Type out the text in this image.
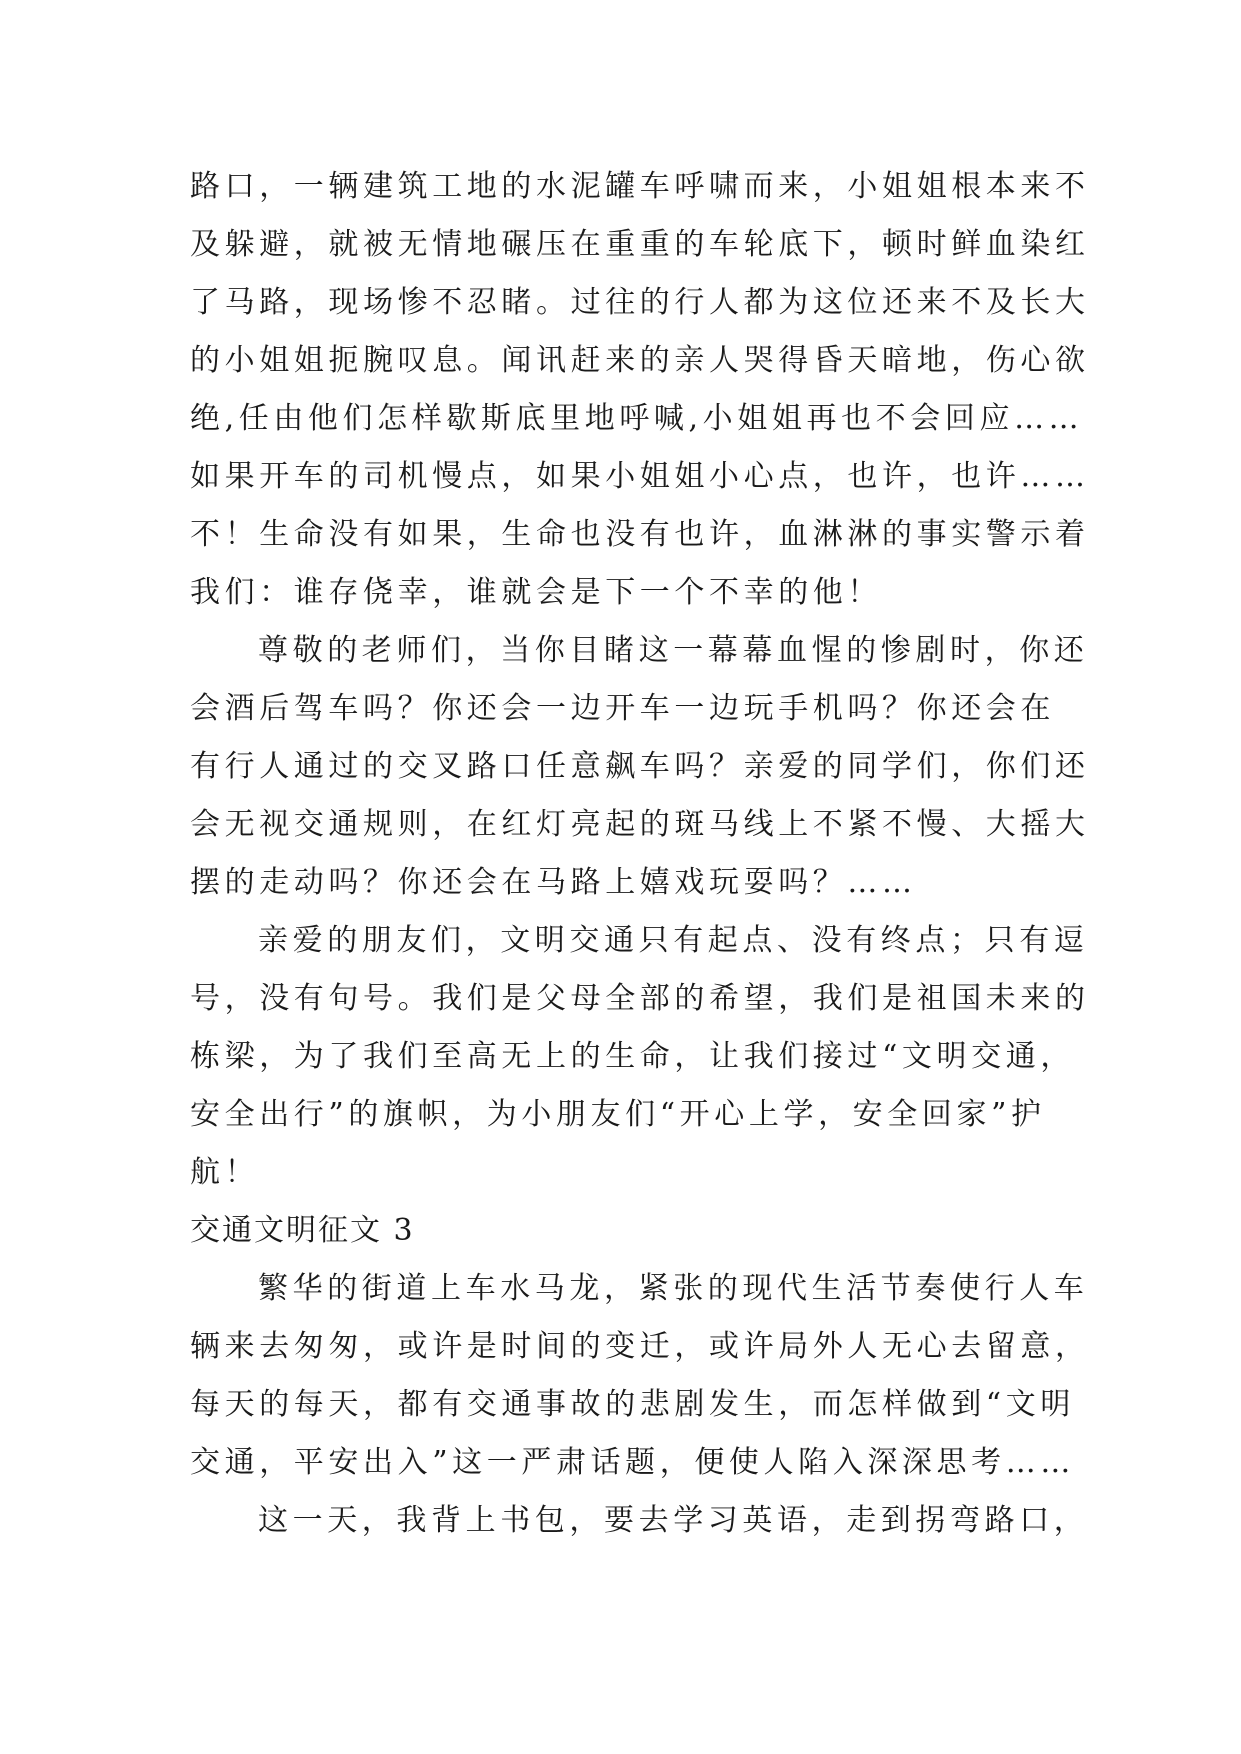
路口，一辆建筑工地的水泥罐车呼啸而来，小姐姐根本来不
及躲避，就被无情地碾压在重重的车轮底下，顿时鲜血染红
了马路，现场惨不忍睹。过往的行人都为这位还来不及长大
的小姐姐扼腕叹息。闻讯赶来的亲人哭得昏天暗地，伤心欲
绝,任由他们怎样歇斯底里地呼喊,小姐姐再也不会回应……
如果开车的司机慢点，如果小姐姐小心点，也许，也许……
不！生命没有如果，生命也没有也许，血淋淋的事实警示着
我们：谁存侥幸，谁就会是下一个不幸的他！
尊敬的老师们，当你目睹这一幕幕血惺的惨剧时，你还
会酒后驾车吗？你还会一边开车一边玩手机吗？你还会在
有行人通过的交叉路口任意飙车吗？亲爱的同学们，你们还
会无视交通规则，在红灯亮起的斑马线上不紧不慢、大摇大
摆的走动吗？你还会在马路上嬉戏玩耍吗？……
亲爱的朋友们，文明交通只有起点、没有终点；只有逗
号，没有句号。我们是父母全部的希望，我们是祖国未来的
栋梁，为了我们至高无上的生命，让我们接过“文明交通，
安全出行”的旗帜，为小朋友们“开心上学，安全回家”护
航！
交通文明征文 3
繁华的街道上车水马龙，紧张的现代生活节奏使行人车
辆来去匆匆，或许是时间的变迁，或许局外人无心去留意，
每天的每天，都有交通事故的悲剧发生，而怎样做到“文明
交通，平安出入”这一严肃话题，便使人陷入深深思考……
这一天，我背上书包，要去学习英语，走到拐弯路口，
